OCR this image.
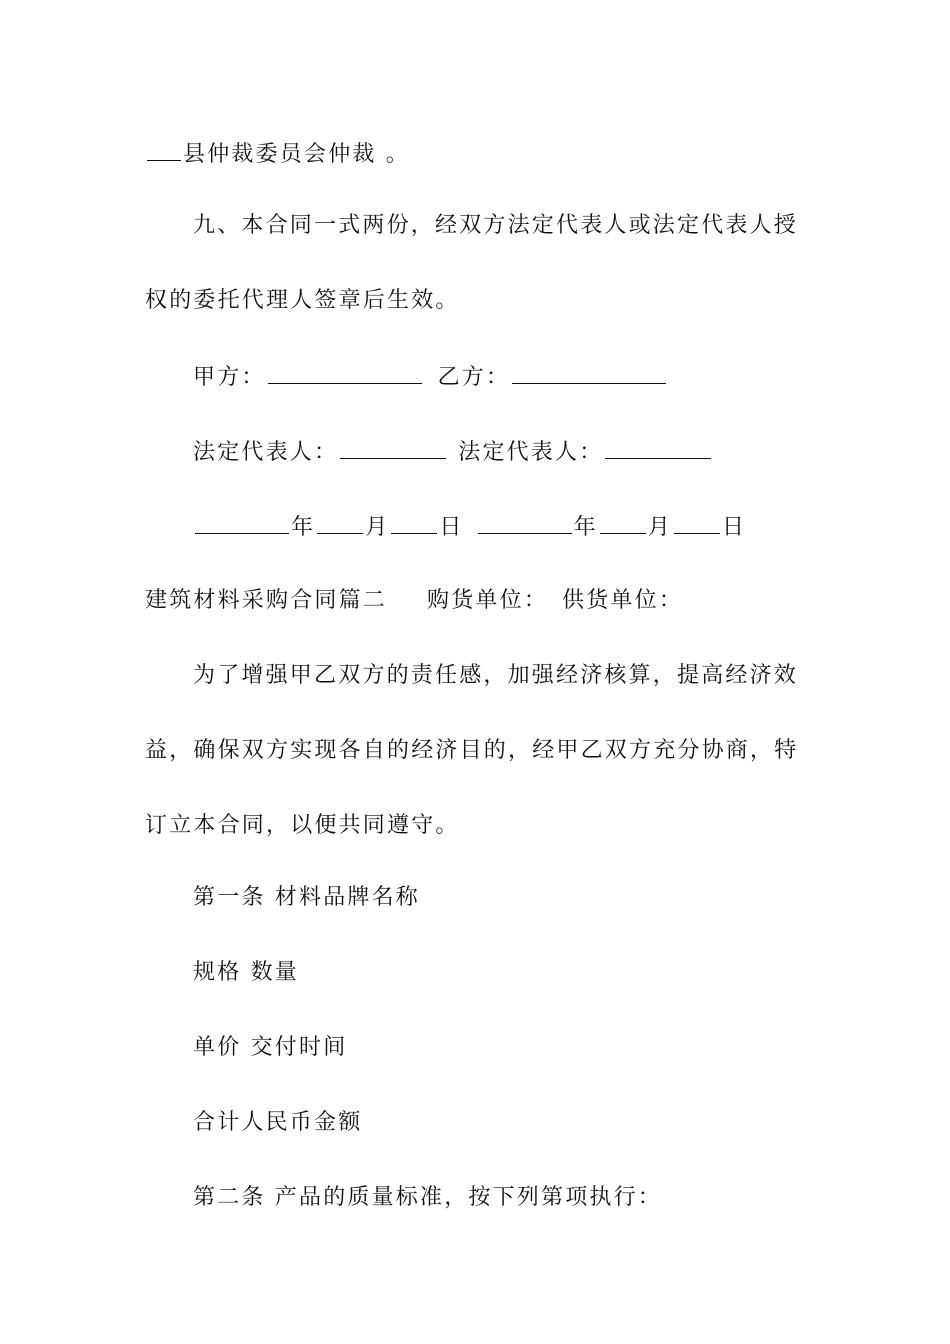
县仲裁委员会仲裁 。
九、本合同一式两份，经双方法定代表人或法定代表人授
权的委托代理人签章后生效。
甲方：	乙方：
法定代表人：	法定代表人：
年 月 日	年 月 日
建筑材料采购合同篇二 购货单位： 供货单位：
为了增强甲乙双方的责任感，加强经济核算，提高经济效
益，确保双方实现各自的经济目的，经甲乙双方充分协商，特
订立本合同，以便共同遵守。
第一条 材料品牌名称
规格 数量
单价 交付时间
合计人民币金额
第二条 产品的质量标准，按下列第项执行：
